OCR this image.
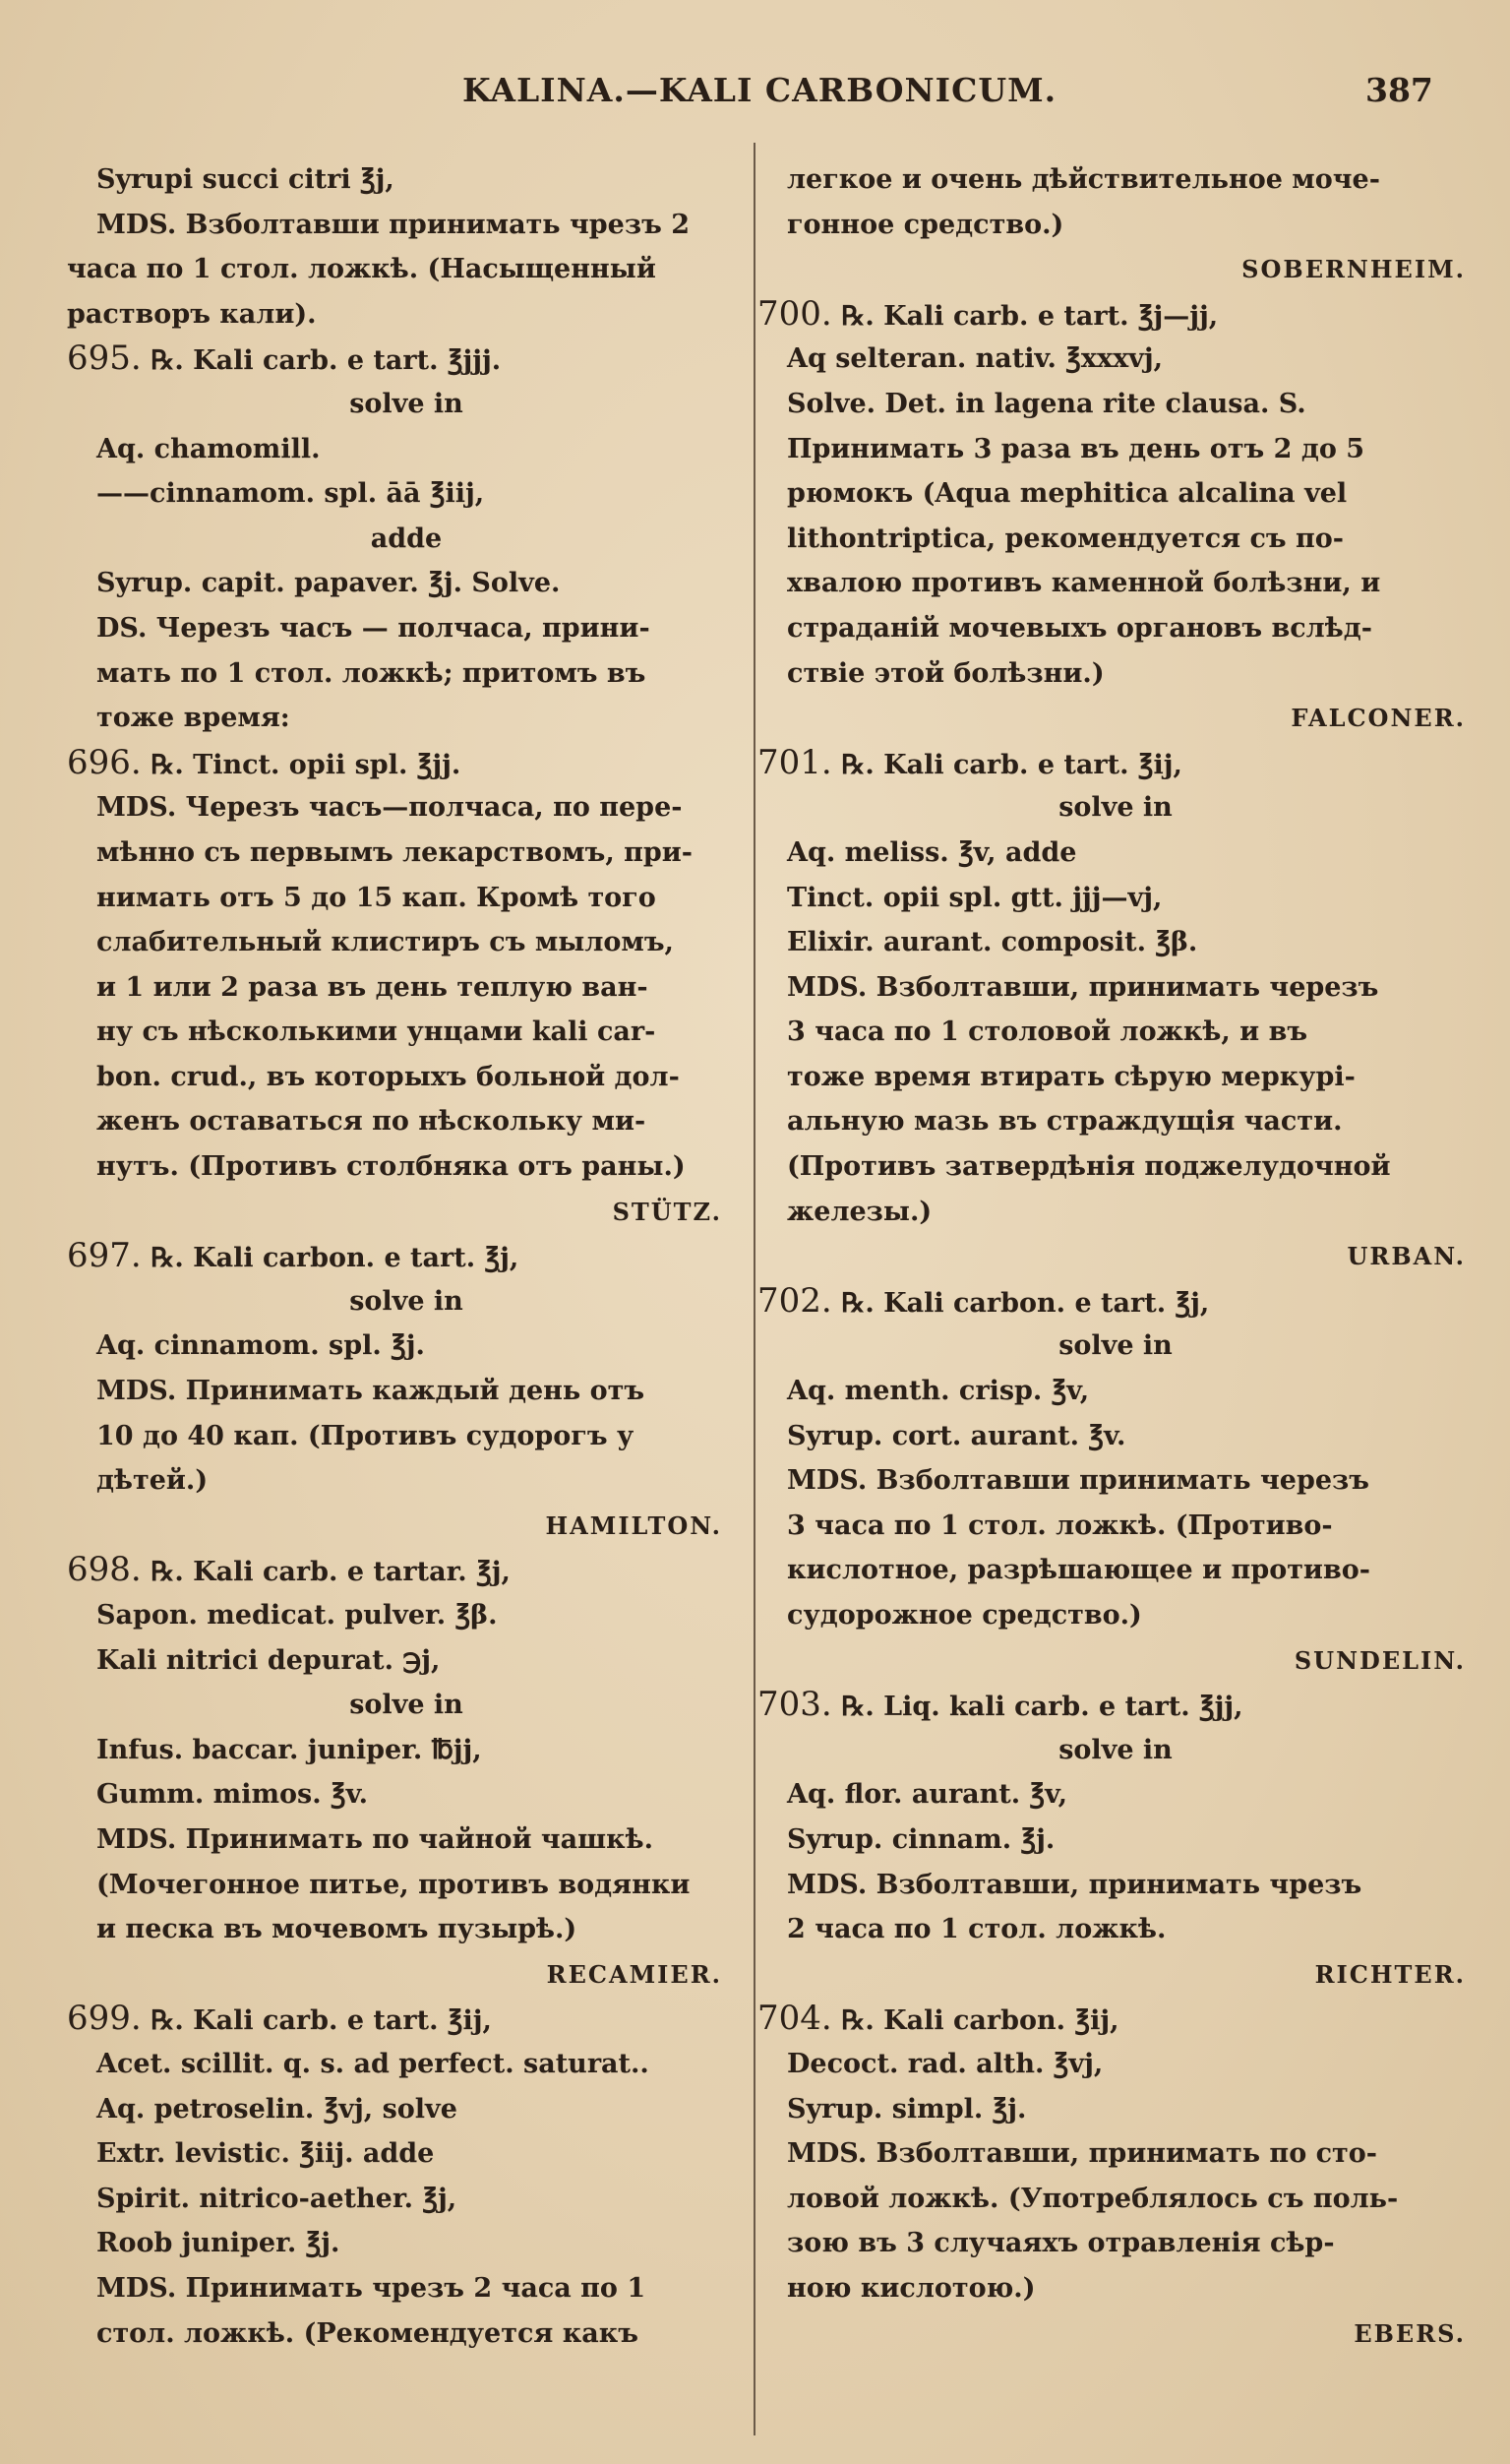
KALINA.—KALI CARBONICUM.	387
Syrupi succi citri ℥j,
MDS. Взболтавши принимать чрезъ 2
часа по 1 стол. ложкѣ. (Насыщенный
растворъ кали).
695. ℞. Kali carb. e tart. ℥jjj.
solve in
Aq. chamomill.
——cinnamom. spl. āā ℥iij,
adde
Syrup. capit. papaver. ℥j. Solve.
DS. Черезъ часъ — полчаса, прини-
мать по 1 стол. ложкѣ; притомъ въ
тоже время:
696. ℞. Tinct. opii spl. ℥jj.
MDS. Черезъ часъ—полчаса, по пере-
мѣнно съ первымъ лекарствомъ, при-
нимать отъ 5 до 15 кап. Кромѣ того
слабительный клистиръ съ мыломъ,
и 1 или 2 раза въ день теплую ван-
ну съ нѣсколькими унцами kali car-
bon. crud., въ которыхъ больной дол-
женъ оставаться по нѣскольку ми-
нутъ. (Противъ столбняка отъ раны.)
STÜTZ.
697. ℞. Kali carbon. e tart. ℥j,
solve in
Aq. cinnamom. spl. ℥j.
MDS. Принимать каждый день отъ
10 до 40 кап. (Противъ судорогъ у
дѣтей.)
HAMILTON.
698. ℞. Kali carb. e tartar. ℥j,
Sapon. medicat. pulver. ℥β.
Kali nitrici depurat. ℈j,
solve in
Infus. baccar. juniper. ℔jj,
Gumm. mimos. ℥v.
MDS. Принимать по чайной чашкѣ.
(Мочегонное питье, противъ водянки
и песка въ мочевомъ пузырѣ.)
RECAMIER.
699. ℞. Kali carb. e tart. ℥ij,
Acet. scillit. q. s. ad perfect. saturat..
Aq. petroselin. ℥vj, solve
Extr. levistic. ℥iij. adde
Spirit. nitrico-aether. ℥j,
Roob juniper. ℥j.
MDS. Принимать чрезъ 2 часа по 1
стол. ложкѣ. (Рекомендуется какъ
легкое и очень дѣйствительное моче-
гонное средство.)
SOBERNHEIM.
700. ℞. Kali carb. e tart. ℥j—jj,
Aq selteran. nativ. ℥xxxvj,
Solve. Det. in lagena rite clausa. S.
Принимать 3 раза въ день отъ 2 до 5
рюмокъ (Aqua mephitica alcalina vel
lithontriptica, рекомендуется съ по-
хвалою противъ каменной болѣзни, и
страданій мочевыхъ органовъ вслѣд-
ствіе этой болѣзни.)
FALCONER.
701. ℞. Kali carb. e tart. ℥ij,
solve in
Aq. meliss. ℥v, adde
Tinct. opii spl. gtt. jjj—vj,
Elixir. aurant. composit. ℥β.
MDS. Взболтавши, принимать черезъ
3 часа по 1 столовой ложкѣ, и въ
тоже время втирать сѣрую меркурі-
альную мазь въ страждущія части.
(Противъ затвердѣнія поджелудочной
железы.)
URBAN.
702. ℞. Kali carbon. e tart. ℥j,
solve in
Aq. menth. crisp. ℥v,
Syrup. cort. aurant. ℥v.
MDS. Взболтавши принимать черезъ
3 часа по 1 стол. ложкѣ. (Противо-
кислотное, разрѣшающее и противо-
судорожное средство.)
SUNDELIN.
703. ℞. Liq. kali carb. e tart. ℥jj,
solve in
Aq. flor. aurant. ℥v,
Syrup. cinnam. ℥j.
MDS. Взболтавши, принимать чрезъ
2 часа по 1 стол. ложкѣ.
RICHTER.
704. ℞. Kali carbon. ℥ij,
Decoct. rad. alth. ℥vj,
Syrup. simpl. ℥j.
MDS. Взболтавши, принимать по сто-
ловой ложкѣ. (Употреблялось съ поль-
зою въ 3 случаяхъ отравленія сѣр-
ною кислотою.)
EBERS.
